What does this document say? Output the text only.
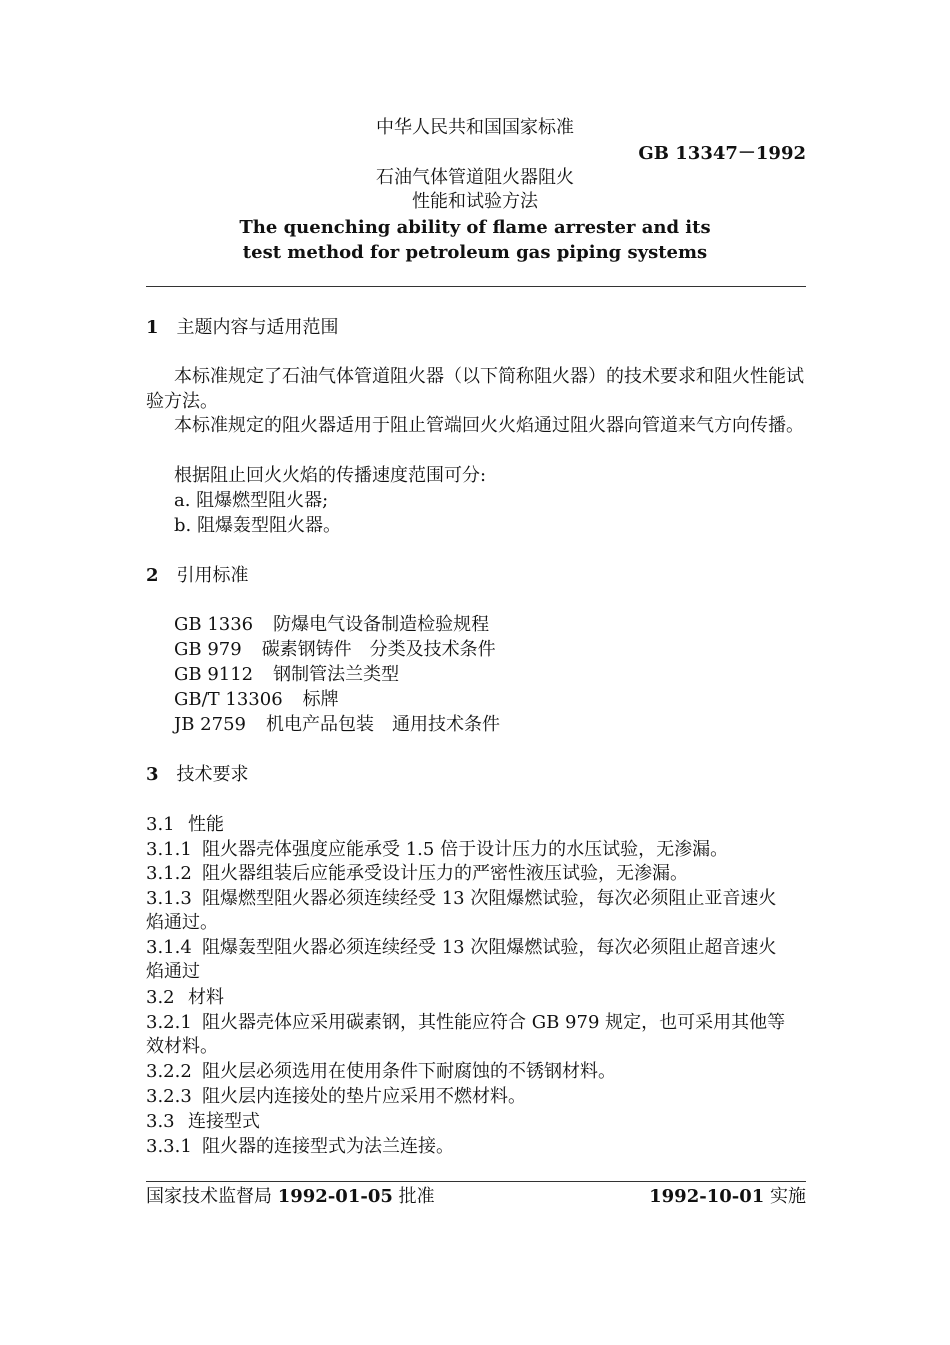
中华人民共和国国家标准
GB 13347－1992
石油气体管道阻火器阻火
性能和试验方法
The quenching ability of flame arrester and its
test method for petroleum gas piping systems
1 主题内容与适用范围
本标准规定了石油气体管道阻火器（以下简称阻火器）的技术要求和阻火性能试验方法。
本标准规定的阻火器适用于阻止管端回火火焰通过阻火器向管道来气方向传播。
根据阻止回火火焰的传播速度范围可分:
a. 阻爆燃型阻火器;
b. 阻爆轰型阻火器。
2 引用标准
GB 1336 防爆电气设备制造检验规程
GB 979 碳素钢铸件　分类及技术条件
GB 9112 钢制管法兰类型
GB/T 13306 标牌
JB 2759 机电产品包装　通用技术条件
3 技术要求
3.1 性能
3.1.1 阻火器壳体强度应能承受 1.5 倍于设计压力的水压试验，无渗漏。
3.1.2 阻火器组装后应能承受设计压力的严密性液压试验，无渗漏。
3.1.3 阻爆燃型阻火器必须连续经受 13 次阻爆燃试验，每次必须阻止亚音速火
焰通过。
3.1.4 阻爆轰型阻火器必须连续经受 13 次阻爆燃试验，每次必须阻止超音速火
焰通过
3.2 材料
3.2.1 阻火器壳体应采用碳素钢，其性能应符合 GB 979 规定，也可采用其他等
效材料。
3.2.2 阻火层必须选用在使用条件下耐腐蚀的不锈钢材料。
3.2.3 阻火层内连接处的垫片应采用不燃材料。
3.3 连接型式
3.3.1 阻火器的连接型式为法兰连接。
国家技术监督局 1992-01-05 批准	1992-10-01 实施
